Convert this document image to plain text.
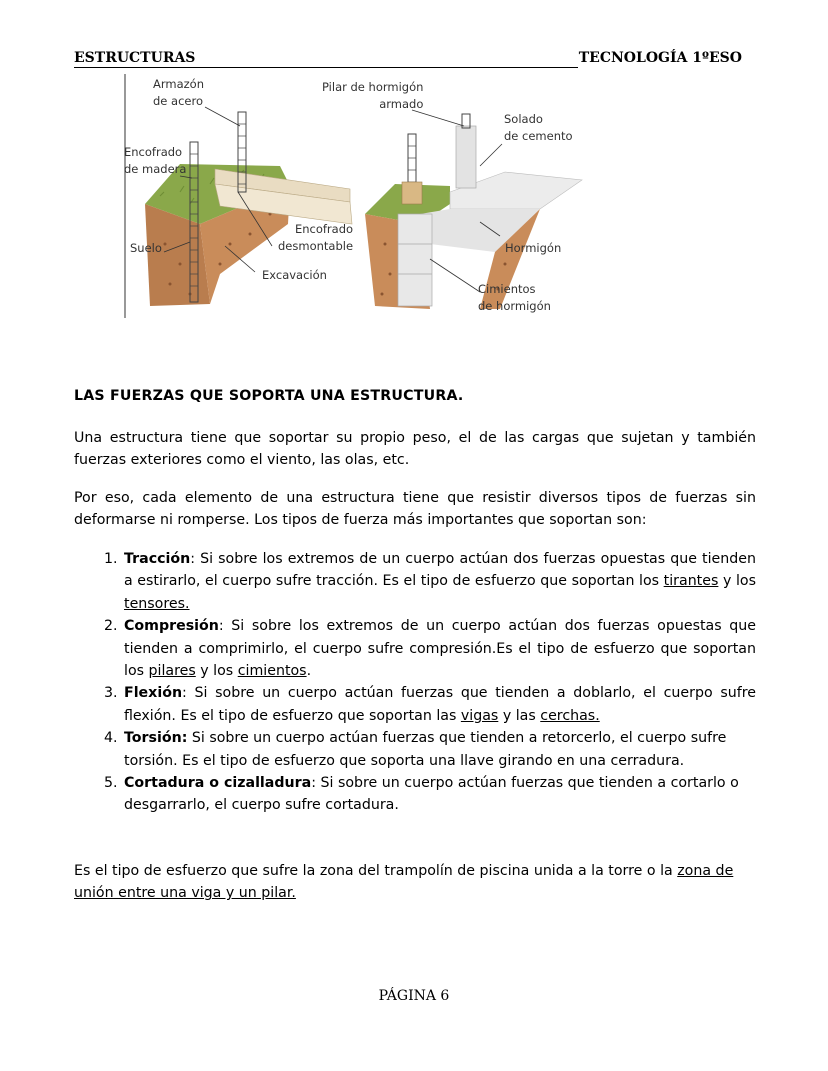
ESTRUCTURAS	TECNOLOGÍA 1ºESO
Armazón
de acero
Encofrado
de madera
Pilar de hormigón
armado
Solado
de cemento
Encofrado
desmontable
Suelo	Hormigón
Excavación
Cimientos
de hormigón
LAS FUERZAS QUE SOPORTA UNA ESTRUCTURA.

Una estructura tiene que soportar su propio peso, el de las cargas que sujetan y también fuerzas exteriores como el viento, las olas, etc.

Por eso, cada elemento de una estructura tiene que resistir diversos tipos de fuerzas sin deformarse ni romperse. Los tipos de fuerza más importantes que soportan son:

1. Tracción: Si sobre los extremos de un cuerpo actúan dos fuerzas opuestas que tienden a estirarlo, el cuerpo sufre tracción. Es el tipo de esfuerzo que soportan los tirantes y los tensores.
2. Compresión: Si sobre los extremos de un cuerpo actúan dos fuerzas opuestas que tienden a comprimirlo, el cuerpo sufre compresión.Es el tipo de esfuerzo que soportan los pilares y los cimientos.
3. Flexión: Si sobre un cuerpo actúan fuerzas que tienden a doblarlo, el cuerpo sufre flexión. Es el tipo de esfuerzo que soportan las vigas y las cerchas.
4. Torsión: Si sobre un cuerpo actúan fuerzas que tienden a retorcerlo, el cuerpo sufre torsión. Es el tipo de esfuerzo que soporta una llave girando en una cerradura.
5. Cortadura o cizalladura: Si sobre un cuerpo actúan fuerzas que tienden a cortarlo o desgarrarlo, el cuerpo sufre cortadura.

Es el tipo de esfuerzo que sufre la zona del trampolín de piscina unida a la torre o la zona de unión entre una viga y un pilar.

PÁGINA 6
